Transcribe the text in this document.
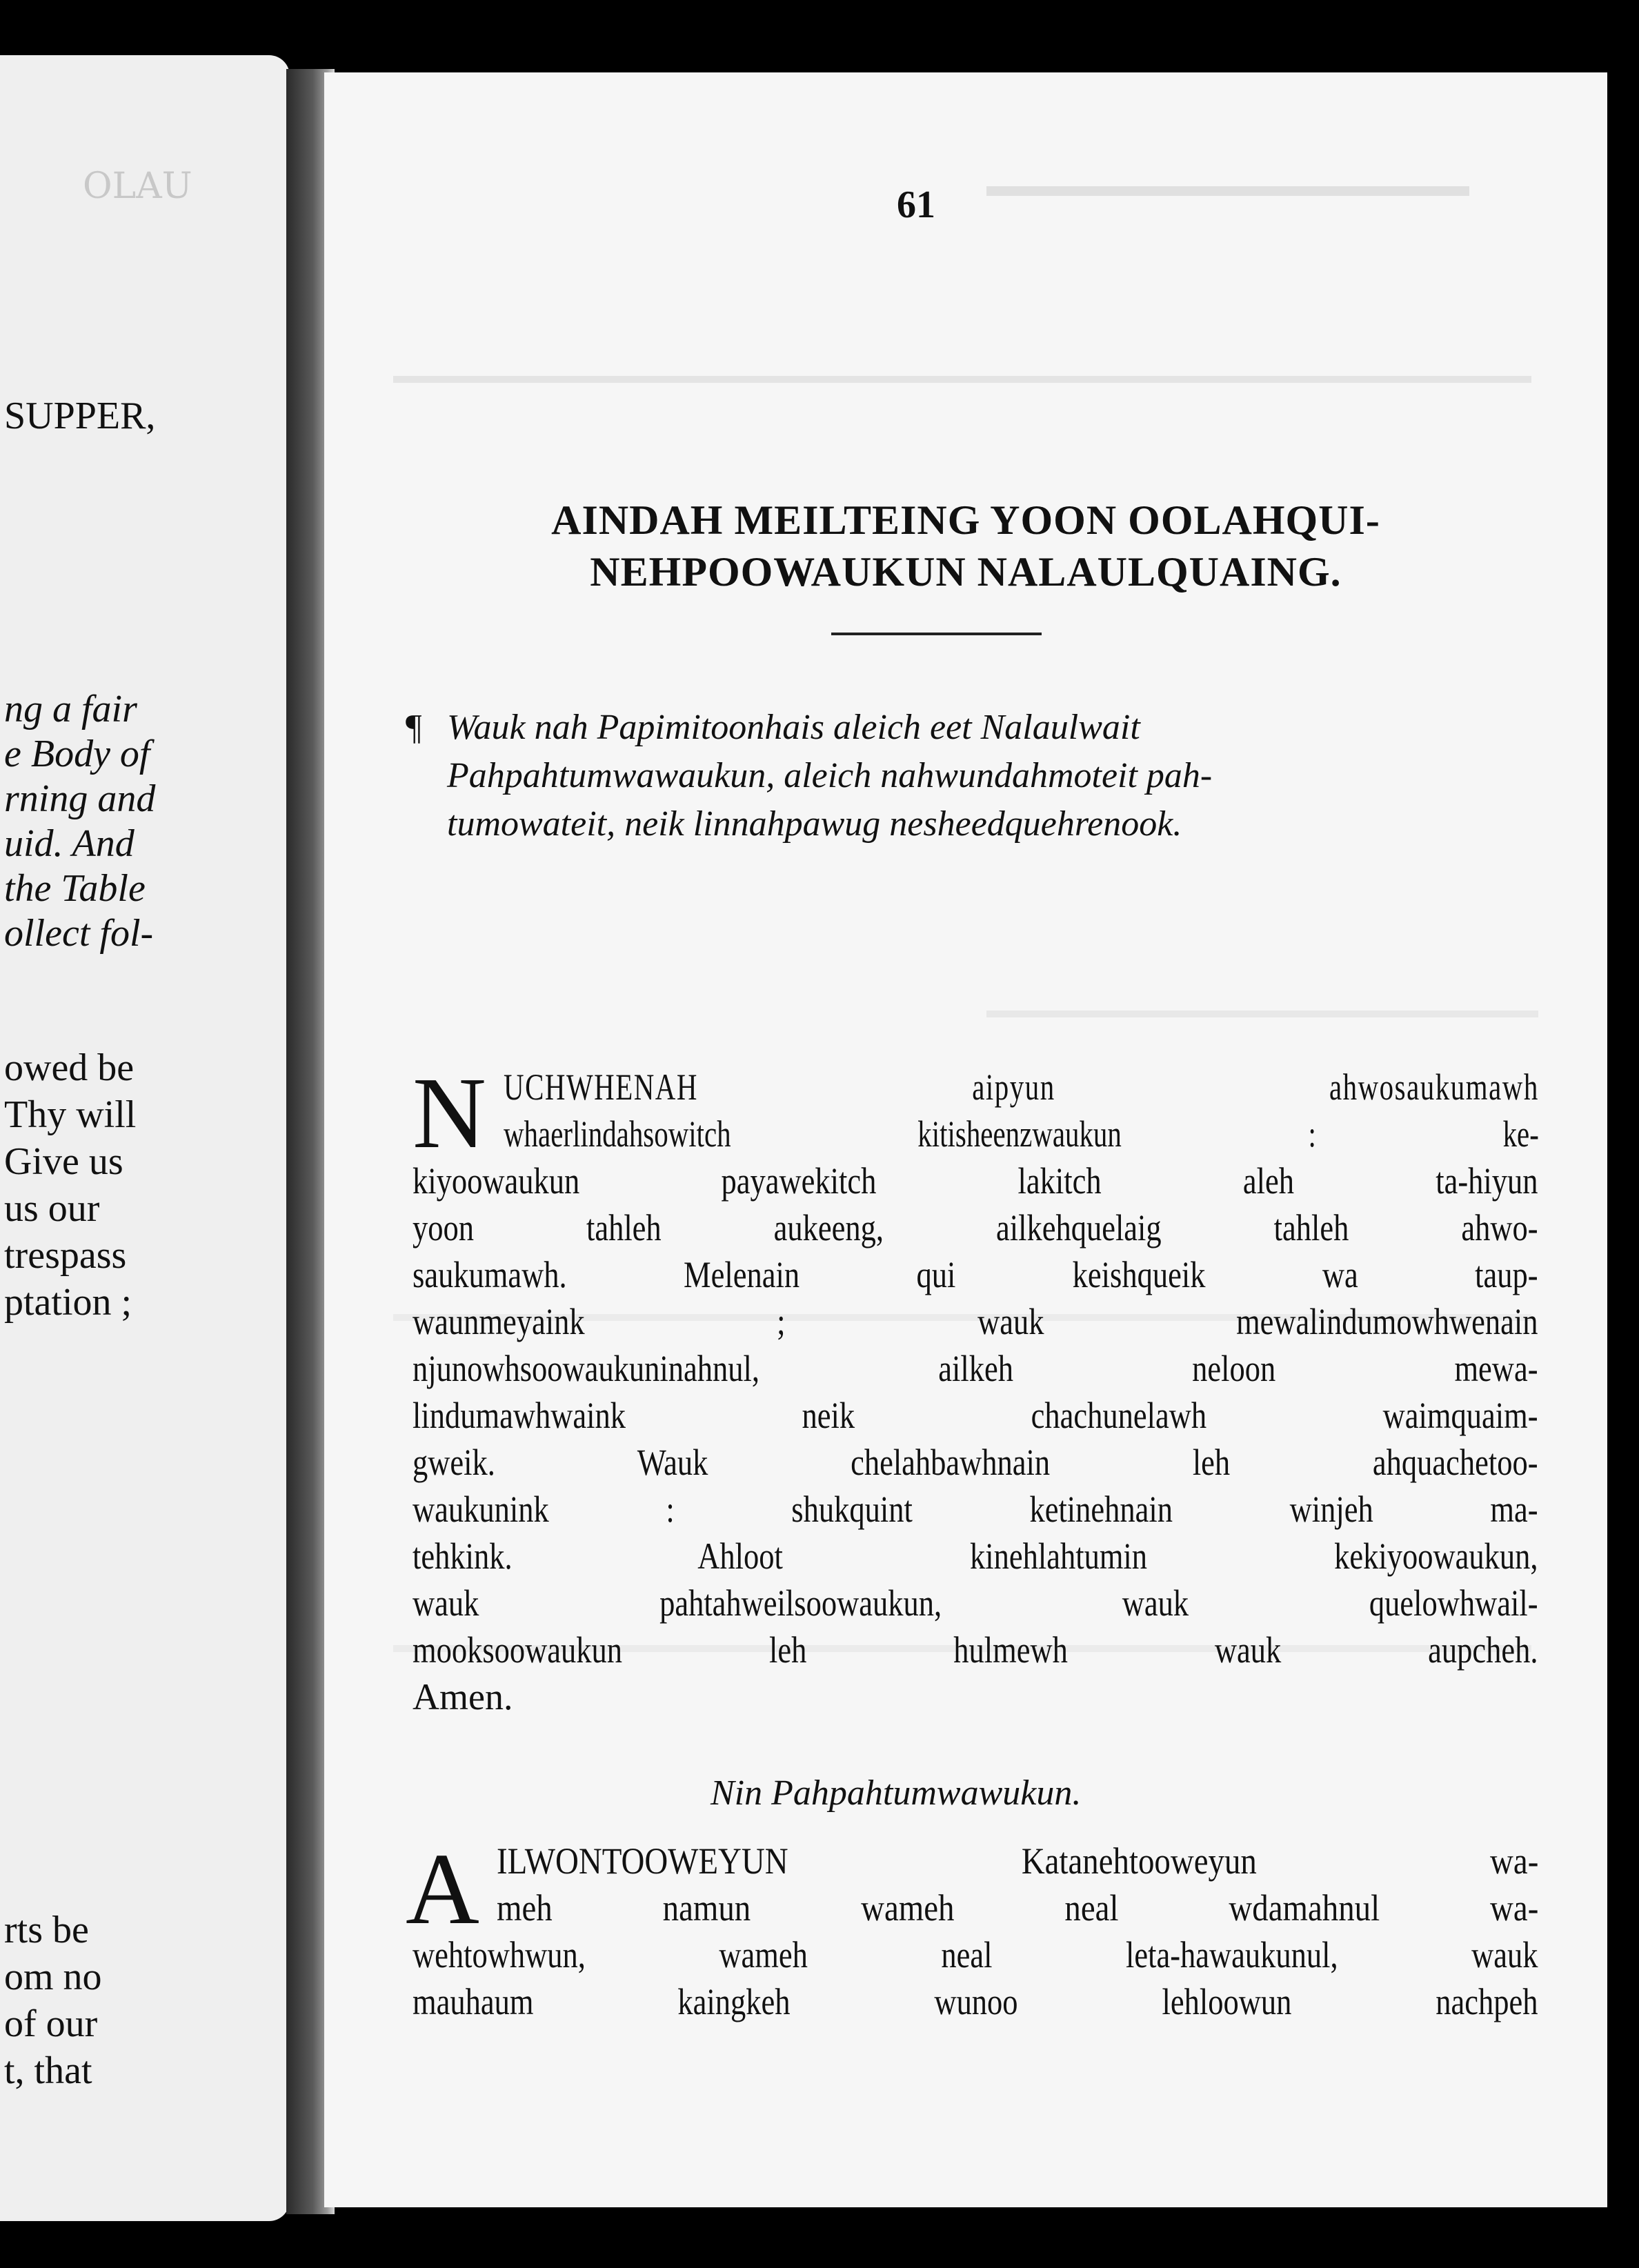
OLAU
SUPPER,
ng a fair
e Body of
rning and
uid. And
the Table
ollect fol-
owed be
Thy will
Give us
us our
trespass
ptation ;
rts be
om no
of our
t, that
61
AINDAH MEILTEING YOON OOLAHQUI-
NEHPOOWAUKUN NALAULQUAING.
¶ Wauk nah Papimitoonhais aleich eet Nalaulwait
Pahpahtumwawaukun, aleich nahwundahmoteit pah-
tumowateit, neik linnahpawug nesheedquehrenook.
N UCHWHENAH aipyun ahwosaukumawh
whaerlindahsowitch kitisheenzwaukun : ke-
kiyoowaukun payawekitch lakitch aleh ta-hiyun
yoon tahleh aukeeng, ailkehquelaig tahleh ahwo-
saukumawh. Melenain qui keishqueik wa taup-
waunmeyaink ; wauk mewalindumowhwenain
njunowhsoowaukuninahnul, ailkeh neloon mewa-
lindumawhwaink neik chachunelawh waimquaim-
gweik. Wauk chelahbawhnain leh ahquachetoo-
waukunink : shukquint ketinehnain winjeh ma-
tehkink. Ahloot kinehlahtumin kekiyoowaukun,
wauk pahtahweilsoowaukun, wauk quelowhwail-
mooksoowaukun leh hulmewh wauk aupcheh.
Amen.
Nin Pahpahtumwawukun.
A ILWONTOOWEYUN Katanehtooweyun wa-
meh namun wameh neal wdamahnul wa-
wehtowhwun, wameh neal leta-hawaukunul, wauk
mauhaum kaingkeh wunoo lehloowun nachpeh
